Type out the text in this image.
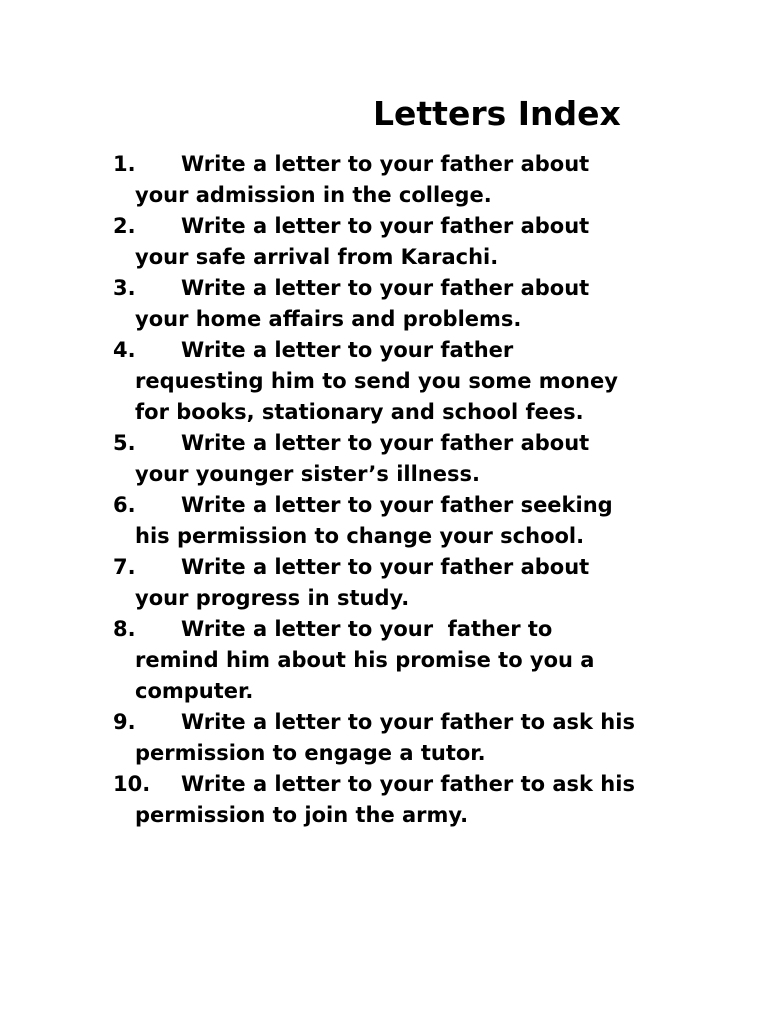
Letters Index
1. Write a letter to your father about
your admission in the college.
2. Write a letter to your father about
your safe arrival from Karachi.
3. Write a letter to your father about
your home affairs and problems.
4. Write a letter to your father
requesting him to send you some money
for books, stationary and school fees.
5. Write a letter to your father about
your younger sister’s illness.
6. Write a letter to your father seeking
his permission to change your school.
7. Write a letter to your father about
your progress in study.
8. Write a letter to your  father to
remind him about his promise to you a
computer.
9. Write a letter to your father to ask his
permission to engage a tutor.
10. Write a letter to your father to ask his
permission to join the army.
